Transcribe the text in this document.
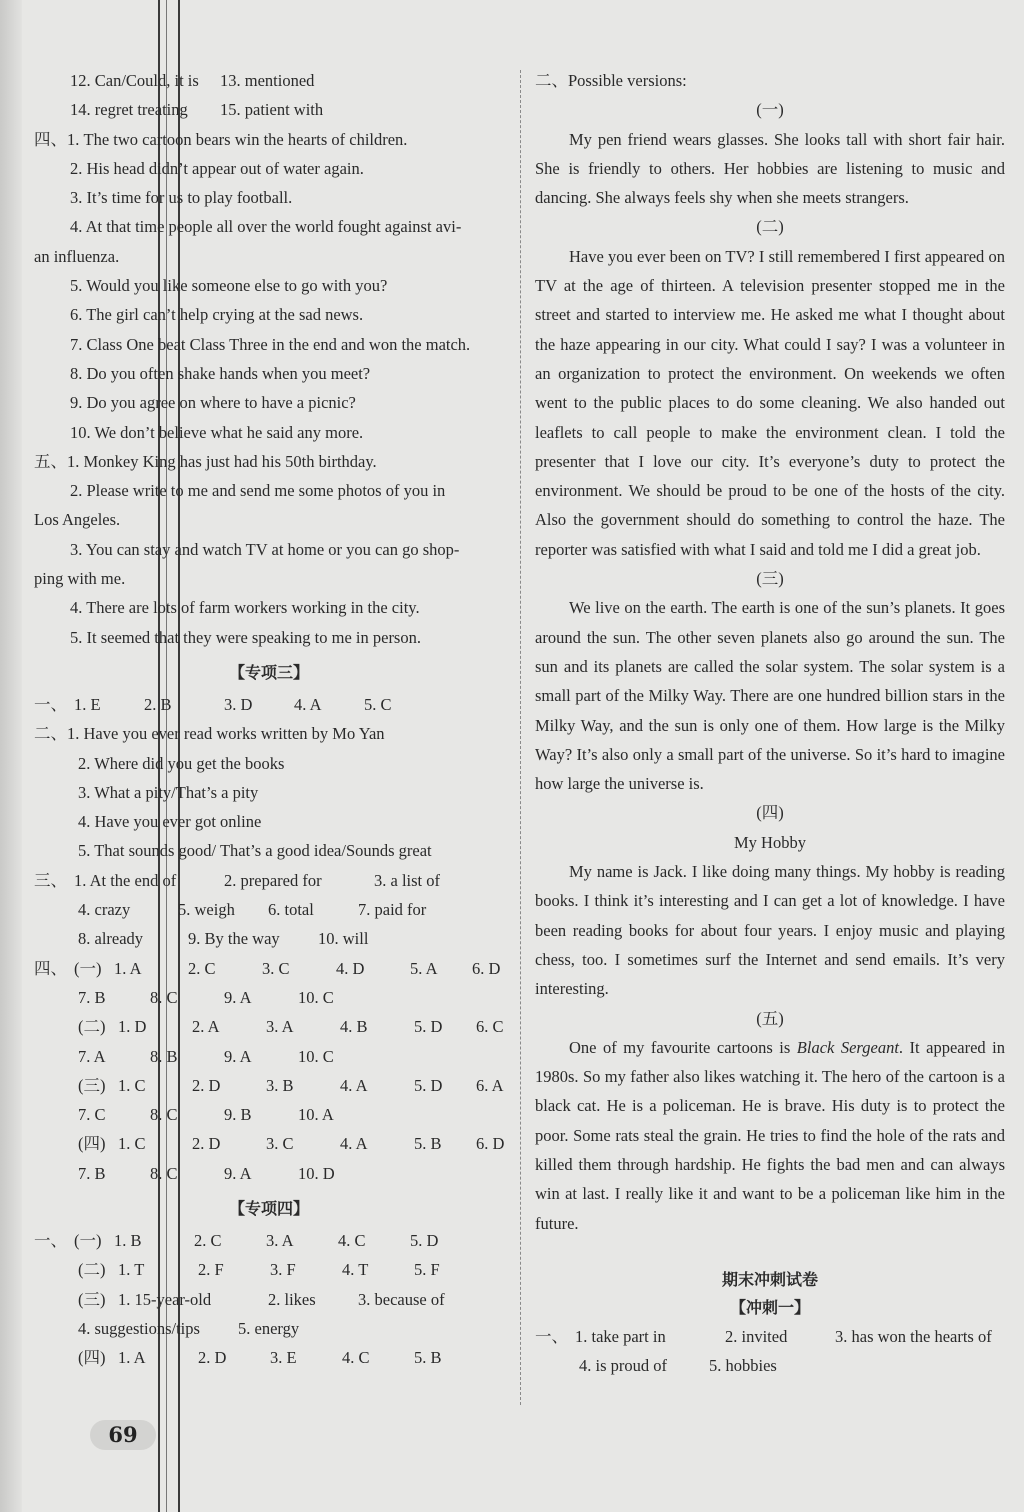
12. Can/Could, it is 13. mentioned
14. regret treating 15. patient with
四、1. The two cartoon bears win the hearts of children.
2. His head didn’t appear out of water again.
3. It’s time for us to play football.
4. At that time people all over the world fought against avi-
an influenza.
5. Would you like someone else to go with you?
6. The girl can’t help crying at the sad news.
7. Class One beat Class Three in the end and won the match.
8. Do you often shake hands when you meet?
9. Do you agree on where to have a picnic?
10. We don’t believe what he said any more.
五、1. Monkey King has just had his 50th birthday.
2. Please write to me and send me some photos of you in
Los Angeles.
3. You can stay and watch TV at home or you can go shop-
ping with me.
4. There are lots of farm workers working in the city.
5. It seemed that they were speaking to me in person.
【专项三】
一、 1. E	2. B	3. D	4. A	5. C
二、1. Have you ever read works written by Mo Yan
2. Where did you get the books
3. What a pity/That’s a pity
4. Have you ever got online
5. That sounds good/ That’s a good idea/Sounds great
三、 1. At the end of	2. prepared for	3. a list of
4. crazy	5. weigh 6. total	7. paid for
8. already	9. By the way 10. will
四、 (一) 1. A	2. C	3. C	4. D	5. A 6. D
7. B	8. C	9. A	10. C
(二) 1. D	2. A	3. A	4. B	5. D 6. C
7. A	8. B	9. A	10. C
(三) 1. C	2. D	3. B	4. A	5. D 6. A
7. C	8. C	9. B	10. A
(四) 1. C	2. D	3. C	4. A	5. B 6. D
7. B	8. C	9. A	10. D
【专项四】
一、 (一) 1. B	2. C	3. A	4. C	5. D
(二) 1. T	2. F	3. F	4. T	5. F
(三) 1. 15-year-old	2. likes	3. because of
4. suggestions/tips 5. energy
(四) 1. A	2. D	3. E	4. C	5. B
二、Possible versions:
(一)

My pen friend wears glasses. She looks tall with short fair hair. She is friendly to others. Her hobbies are listening to music and dancing. She always feels shy when she meets strangers.

(二)

Have you ever been on TV? I still remembered I first appeared on TV at the age of thirteen. A television presenter stopped me in the street and started to interview me. He asked me what I thought about the haze appearing in our city. What could I say? I was a volunteer in an organization to protect the environment. On weekends we often went to the public places to do some cleaning. We also handed out leaflets to call people to make the environment clean. I told the presenter that I love our city. It’s everyone’s duty to protect the environment. We should be proud to be one of the hosts of the city. Also the government should do something to control the haze. The reporter was satisfied with what I said and told me I did a great job.

(三)

We live on the earth. The earth is one of the sun’s planets. It goes around the sun. The other seven planets also go around the sun. The sun and its planets are called the solar system. The solar system is a small part of the Milky Way. There are one hundred billion stars in the Milky Way, and the sun is only one of them. How large is the Milky Way? It’s also only a small part of the universe. So it’s hard to imagine how large the universe is.

(四)
My Hobby

My name is Jack. I like doing many things. My hobby is reading books. I think it’s interesting and I can get a lot of knowledge. I have been reading books for about four years. I enjoy music and playing chess, too. I sometimes surf the Internet and send emails. It’s very interesting.

(五)

One of my favourite cartoons is Black Sergeant. It appeared in 1980s. So my father also likes watching it. The hero of the cartoon is a black cat. He is a policeman. He is brave. His duty is to protect the poor. Some rats steal the grain. He tries to find the hole of the rats and killed them through hardship. He fights the bad men and can always win at last. I really like it and want to be a policeman like him in the future.

期末冲刺试卷
【冲刺一】
一、 1. take part in	2. invited	3. has won the hearts of
4. is proud of	5. hobbies
69
